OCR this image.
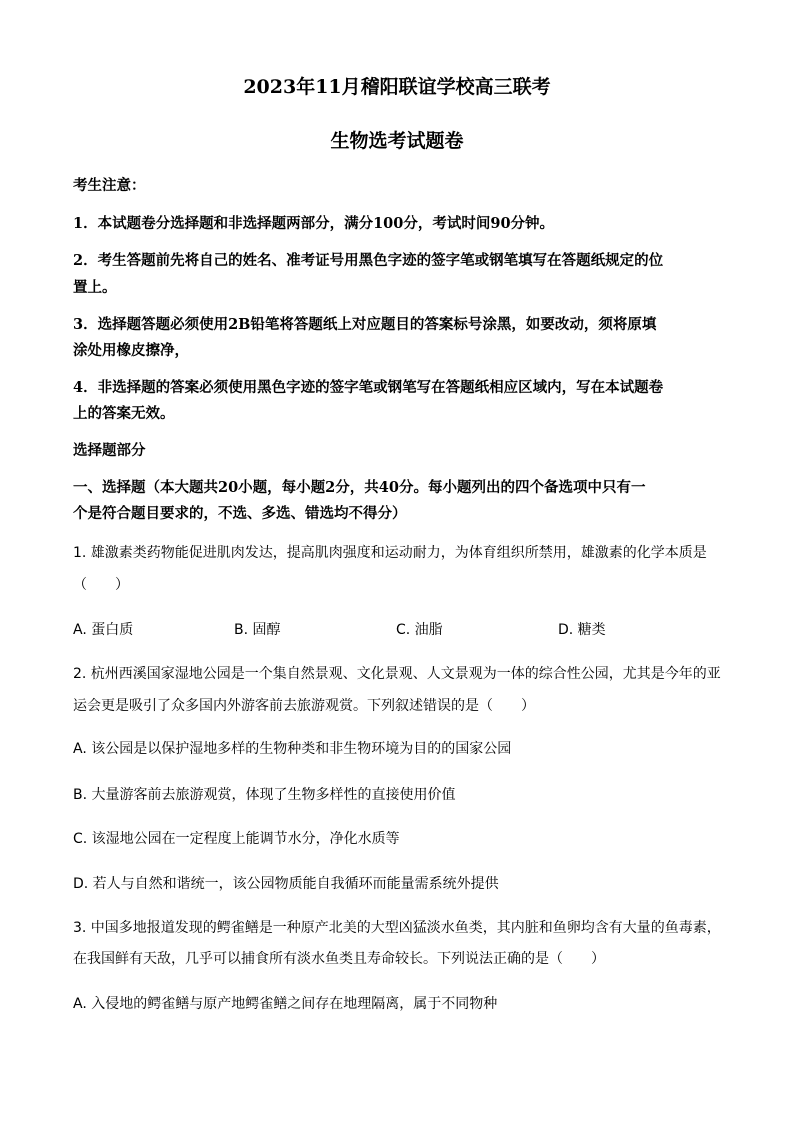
2023年11月稽阳联谊学校高三联考
生物选考试题卷
考生注意：
1．本试题卷分选择题和非选择题两部分，满分100分，考试时间90分钟。
2．考生答题前先将自己的姓名、准考证号用黑色字迹的签字笔或钢笔填写在答题纸规定的位
置上。
3．选择题答题必须使用2B铅笔将答题纸上对应题目的答案标号涂黑，如要改动，须将原填
涂处用橡皮擦净，
4．非选择题的答案必须使用黑色字迹的签字笔或钢笔写在答题纸相应区域内，写在本试题卷
上的答案无效。
选择题部分
一、选择题（本大题共20小题，每小题2分，共40分。每小题列出的四个备选项中只有一
个是符合题目要求的，不选、多选、错选均不得分）
1. 雄激素类药物能促进肌肉发达，提高肌肉强度和运动耐力，为体育组织所禁用，雄激素的化学本质是
（　　）
A. 蛋白质	B. 固醇	C. 油脂	D. 糖类
2. 杭州西溪国家湿地公园是一个集自然景观、文化景观、人文景观为一体的综合性公园，尤其是今年的亚
运会更是吸引了众多国内外游客前去旅游观赏。下列叙述错误的是（　　）
A. 该公园是以保护湿地多样的生物种类和非生物环境为目的的国家公园
B. 大量游客前去旅游观赏，体现了生物多样性的直接使用价值
C. 该湿地公园在一定程度上能调节水分，净化水质等
D. 若人与自然和谐统一，该公园物质能自我循环而能量需系统外提供
3. 中国多地报道发现的鳄雀鳝是一种原产北美的大型凶猛淡水鱼类，其内脏和鱼卵均含有大量的鱼毒素，
在我国鲜有天敌，几乎可以捕食所有淡水鱼类且寿命较长。下列说法正确的是（　　）
A. 入侵地的鳄雀鳝与原产地鳄雀鳝之间存在地理隔离，属于不同物种
